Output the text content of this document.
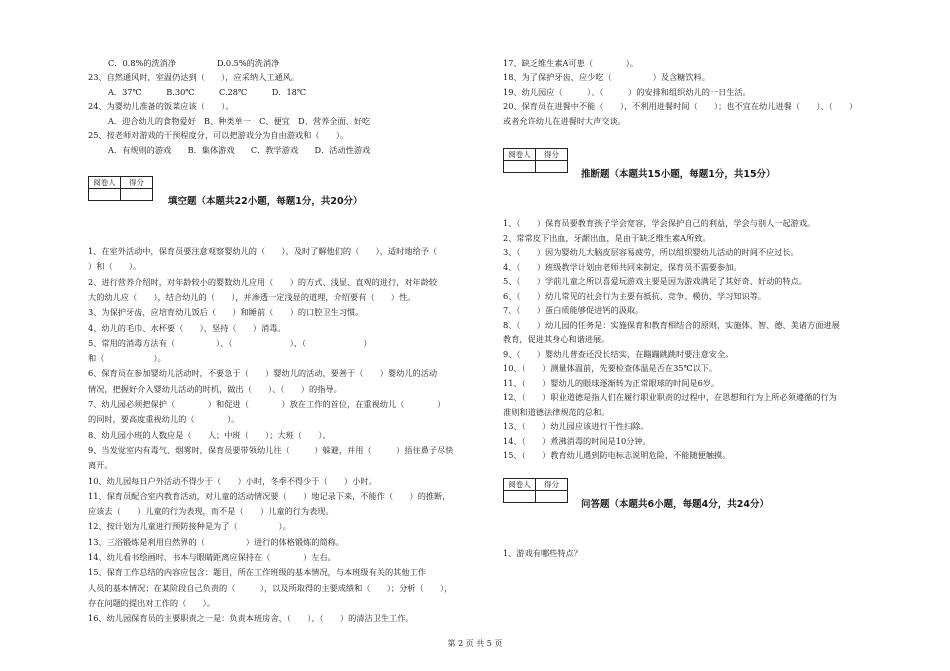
C．0.8%的洗消净　　　　　D.0.5%的洗消净
23、自然通风时，室温仍达到（　　），应采纳人工通风。
A．37℃　　　B.30℃　　　C.28℃　　　D．18℃
24、为婴幼儿准备的饭菜应该（　　）。
A．迎合幼儿的食物爱好　B、种类单一　C、便宜　D、营养全面、好吃
25、按老师对游戏的干预程度分，可以把游戏分为自由游戏和（　　）。
A．有规则的游戏　　B．集体游戏　　C．教学游戏　　D．活动性游戏
1、在室外活动中，保育员要注意观察婴幼儿的（　　），及时了解他们的（　　），适时地给予（
）和（　　）。
2、进行营养介绍时，对年龄较小的婴数幼儿应用（　　）的方式、浅显、直观的进行，对年龄较
大的幼儿应（　　），结合幼儿的（　　），并渗透一定浅显的道理，介绍要有（　　）性。
3、为保护牙齿，应培育幼儿饭后（　　）和睡前（　　）的口腔卫生习惯。
4、幼儿的毛巾、水杯要（　　），坚持（　　）消毒。
5、常用的消毒方法有（　　　　　）、（　　　　　　　）、（　　　　　　　）
和（　　　　　　）。
6、保育员在参加婴幼儿活动时，不要急于（　　）婴幼儿的活动，要善于（　　）婴幼儿的活动
情况，把握好介入婴幼儿活动的时机，做出（　　）、（　　）的指导。
7、幼儿园必须把保护（　　　　）和促进（　　　　）放在工作的首位，在重视幼儿（　　　　）
的同时，要高度重视幼儿的（　　　　）。
8、幼儿园小班的人数应是（　　人；中班（　　）；大班（　　）。
9、当发觉室内有毒气、烟雾时，保育员要带领幼儿往（　　　）躲避，并用（　　　）捂住鼻子尽快
离开。
10、幼儿园每日户外活动不得少于（　　）小时，冬季不得少于（　　）小时。
11、保育员配合室内教育活动，对儿童的活动情况要（　　）地记录下来，不能作（　　）的推断，
应该去（　　）儿童的行为表现，而不是（　　）儿童的行为表现。
12、按计划为儿童进行预防接种是为了（　　　　　）。
13、三浴锻炼是利用自然界的（　　　　　）进行的体格锻炼的简称。
14、幼儿看书绘画时，书本与眼睛距离应保持在（　　　　）左右。
15、保育工作总结的内容应包含：题目，所在工作班级的基本情况，与本班级有关的其他工作
人员的基本情况；在某阶段自己负责的（　　　），以及所取得的主要成绩和（　　）；分析（　　），
存在问题的提出对工作的（　　）。
16、幼儿园保育员的主要职责之一是：负责本班房舍、（　　）、（　　）的清洁卫生工作。
17、缺乏维生素A可患（　　　　）。
18、为了保护牙齿，应少吃（　　　　　）及含糖饮料。
19、幼儿园应（　　　）、（　　　）的安排和组织幼儿的一日生活。
20、保育员在进餐中不能（　　），不利用进餐时间（　　）；也不宜在幼儿进餐（　　）、（　　）
或者允许幼儿在进餐时大声交谈。
1、（　　）保育员要教育孩子学会宽容，学会保护自己的利益，学会与别人一起游戏。
2、常常皮下出血，牙龈出血，是由于缺乏维生素A所致。
3、（　　）因为婴幼儿大脑皮层容易疲劳，所以组织婴幼儿活动的时间不应过长。
4、（　　）班级教学计划由老师共同来制定，保育员不需要参加。
5、（　　）学前儿童之所以喜爱玩游戏主要是因为游戏满足了其好奇、好动的特点。
6、（　　）幼儿常见的社会行为主要有抵抗、竞争、模仿、学习知识等。
7、（　　）蛋白质能够促进钙的汲取。
8、（　　）幼儿园的任务是：实施保育和教育相结合的原则，实施体、智、德、美诸方面进展
教育，促进其身心和谐进展。
9、（　　）婴幼儿普查还没长结实，在蹦蹦跳跳时要注意安全。
10、（　　）测量体温前，先要检查体温是否在35℃以下。
11、（　　）婴幼儿的眼球逐渐转为正常眼球的时间是6岁。
12、（　　）职业道德是指人们在履行职业职责的过程中，在思想和行为上所必须遵循的行为
准则和道德法律规范的总和。
13、（　　）幼儿园应该进行干性扫除。
14、（　　）煮沸消毒的时间是10分钟。
15、（　　）教育幼儿遇到防电标志说明危险，不能随便触摸。
1、游戏有哪些特点？
阅卷人	得分

填空题（本题共22小题，每题1分，共20分）
阅卷人	得分

推断题（本题共15小题，每题1分，共15分）
阅卷人	得分

问答题（本题共6小题，每题4分，共24分）
第 2 页 共 5 页
